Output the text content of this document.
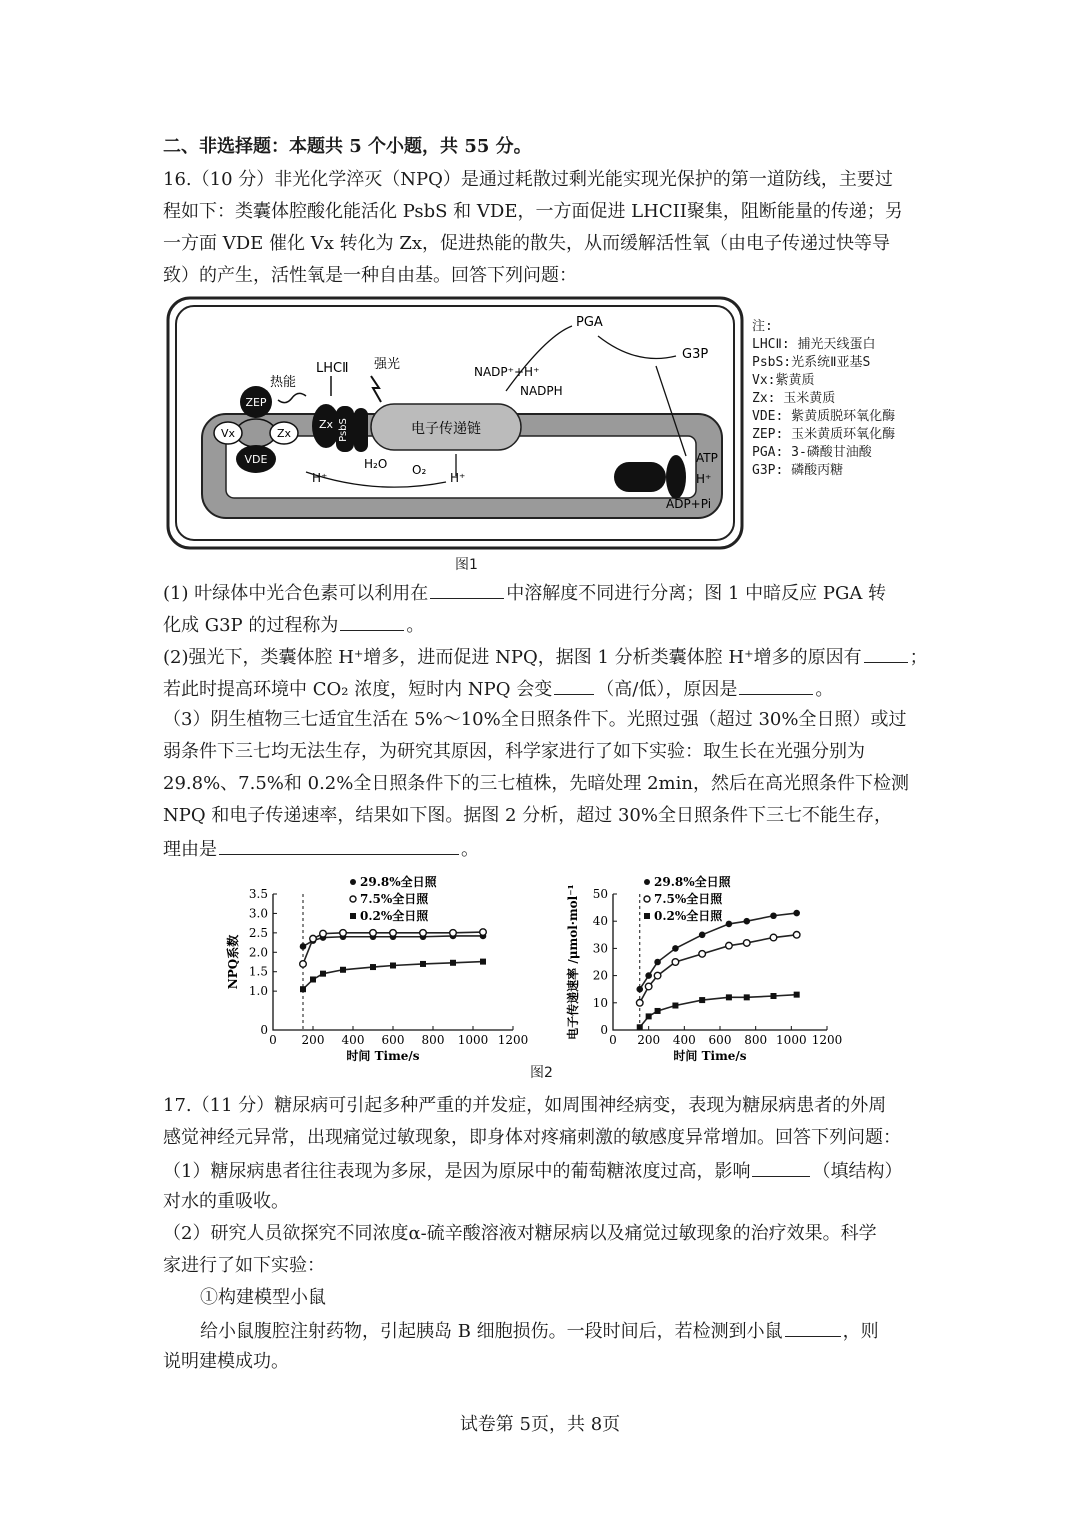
二、非选择题：本题共 5 个小题，共 55 分。
16.（10 分）非光化学淬灭（NPQ）是通过耗散过剩光能实现光保护的第一道防线，主要过
程如下：类囊体腔酸化能活化 PsbS 和 VDE，一方面促进 LHCII聚集，阻断能量的传递；另
一方面 VDE 催化 Vx 转化为 Zx，促进热能的散失，从而缓解活性氧（由电子传递过快等导
致）的产生，活性氧是一种自由基。回答下列问题：
电子传递链
Zx PsbS
LHCⅡ 强光
热能
Vx	Zx
ZEP
VDE
H⁺
H₂O O₂
H⁺
ATP
H⁺
ADP+Pi
PGA
G3P
NADP⁺+H⁺
NADPH
注:
LHCⅡ: 捕光天线蛋白
PsbS:光系统Ⅱ亚基S
Vx:紫黄质
Zx: 玉米黄质
VDE: 紫黄质脱环氧化酶
ZEP: 玉米黄质环氧化酶
PGA: 3-磷酸甘油酸
G3P: 磷酸丙糖
图1
(1) 叶绿体中光合色素可以利用在	中溶解度不同进行分离；图 1 中暗反应 PGA 转
化成 G3P 的过程称为	。
(2)强光下，类囊体腔 H⁺增多，进而促进 NPQ，据图 1 分析类囊体腔 H⁺增多的原因有	；
若此时提高环境中 CO₂ 浓度，短时内 NPQ 会变 （高/低），原因是	。
（3）阴生植物三七适宜生活在 5%～10%全日照条件下。光照过强（超过 30%全日照）或过
弱条件下三七均无法生存，为研究其原因，科学家进行了如下实验：取生长在光强分别为
29.8%、7.5%和 0.2%全日照条件下的三七植株，先暗处理 2min，然后在高光照条件下检测
NPQ 和电子传递速率，结果如下图。据图 2 分析，超过 30%全日照条件下三七不能生存，
理由是	。
0 200 400 600 800 1000 1200
0
1.0
1.5
2.0
2.5
3.0
3.5
时间 Time/s
NPQ系数
29.8%全日照
7.5%全日照
0.2%全日照
0 200 400 600 800 1000 1200
0
10
20
30
40
50
时间 Time/s
电子传递速率 /μmol·mol⁻¹
29.8%全日照
7.5%全日照
0.2%全日照
图2
17.（11 分）糖尿病可引起多种严重的并发症，如周围神经病变，表现为糖尿病患者的外周
感觉神经元异常，出现痛觉过敏现象，即身体对疼痛刺激的敏感度异常增加。回答下列问题：
（1）糖尿病患者往往表现为多尿，是因为原尿中的葡萄糖浓度过高，影响	（填结构）
对水的重吸收。
（2）研究人员欲探究不同浓度α-硫辛酸溶液对糖尿病以及痛觉过敏现象的治疗效果。科学
家进行了如下实验：
①构建模型小鼠
给小鼠腹腔注射药物，引起胰岛 B 细胞损伤。一段时间后，若检测到小鼠	，则
说明建模成功。
试卷第 5页，共 8页
